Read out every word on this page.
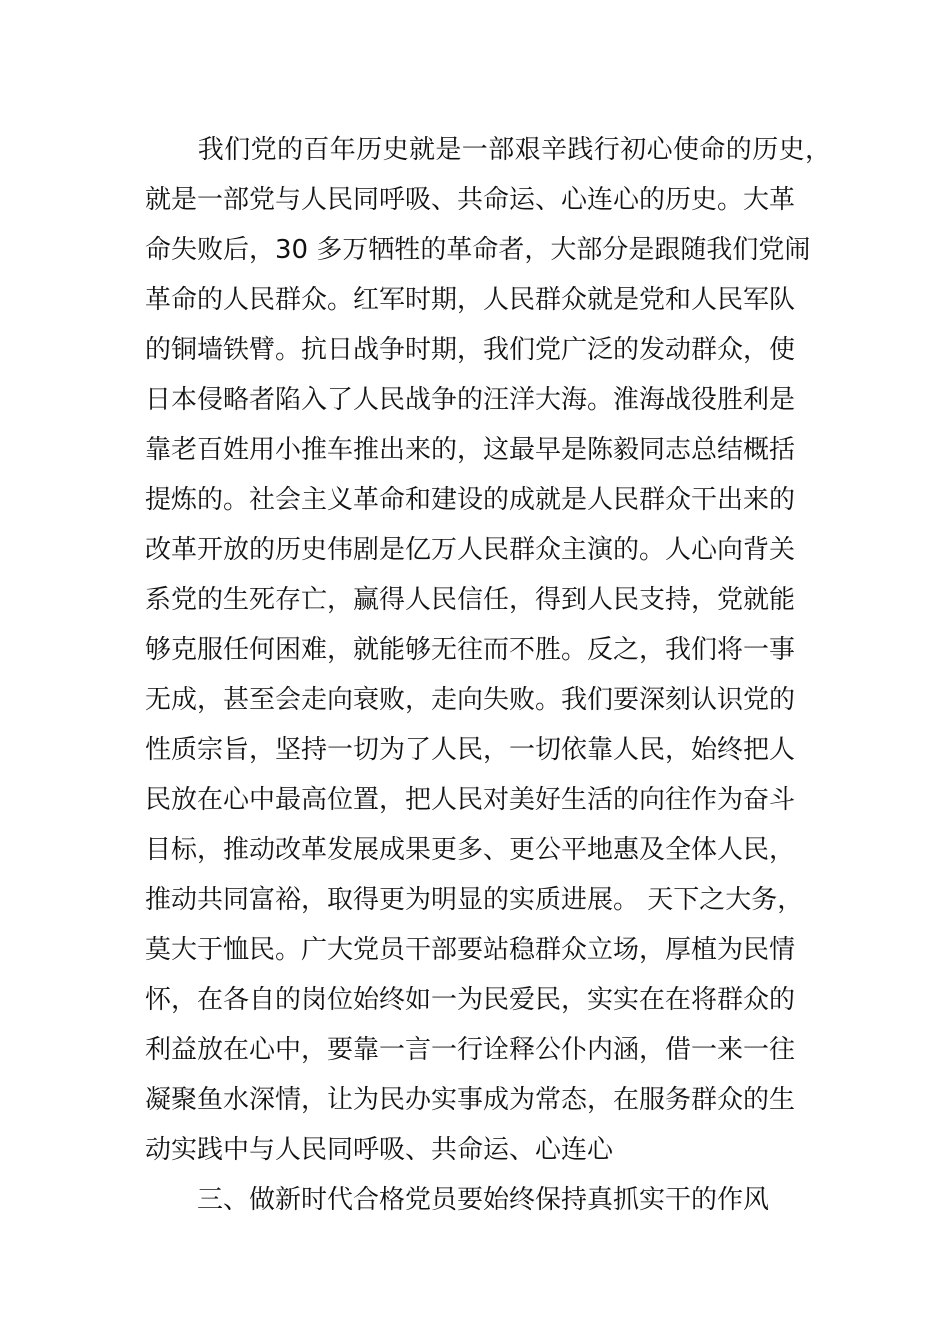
　　我们党的百年历史就是一部艰辛践行初心使命的历史，
就是一部党与人民同呼吸、共命运、心连心的历史。大革
命失败后，30 多万牺牲的革命者，大部分是跟随我们党闹
革命的人民群众。红军时期，人民群众就是党和人民军队
的铜墙铁臂。抗日战争时期，我们党广泛的发动群众，使
日本侵略者陷入了人民战争的汪洋大海。淮海战役胜利是
靠老百姓用小推车推出来的，这最早是陈毅同志总结概括
提炼的。社会主义革命和建设的成就是人民群众干出来的
改革开放的历史伟剧是亿万人民群众主演的。人心向背关
系党的生死存亡，赢得人民信任，得到人民支持，党就能
够克服任何困难，就能够无往而不胜。反之，我们将一事
无成，甚至会走向衰败，走向失败。我们要深刻认识党的
性质宗旨，坚持一切为了人民，一切依靠人民，始终把人
民放在心中最高位置，把人民对美好生活的向往作为奋斗
目标，推动改革发展成果更多、更公平地惠及全体人民，
推动共同富裕，取得更为明显的实质进展。 天下之大务，
莫大于恤民。广大党员干部要站稳群众立场，厚植为民情
怀，在各自的岗位始终如一为民爱民，实实在在将群众的
利益放在心中，要靠一言一行诠释公仆内涵，借一来一往
凝聚鱼水深情，让为民办实事成为常态，在服务群众的生
动实践中与人民同呼吸、共命运、心连心
　　三、做新时代合格党员要始终保持真抓实干的作风
